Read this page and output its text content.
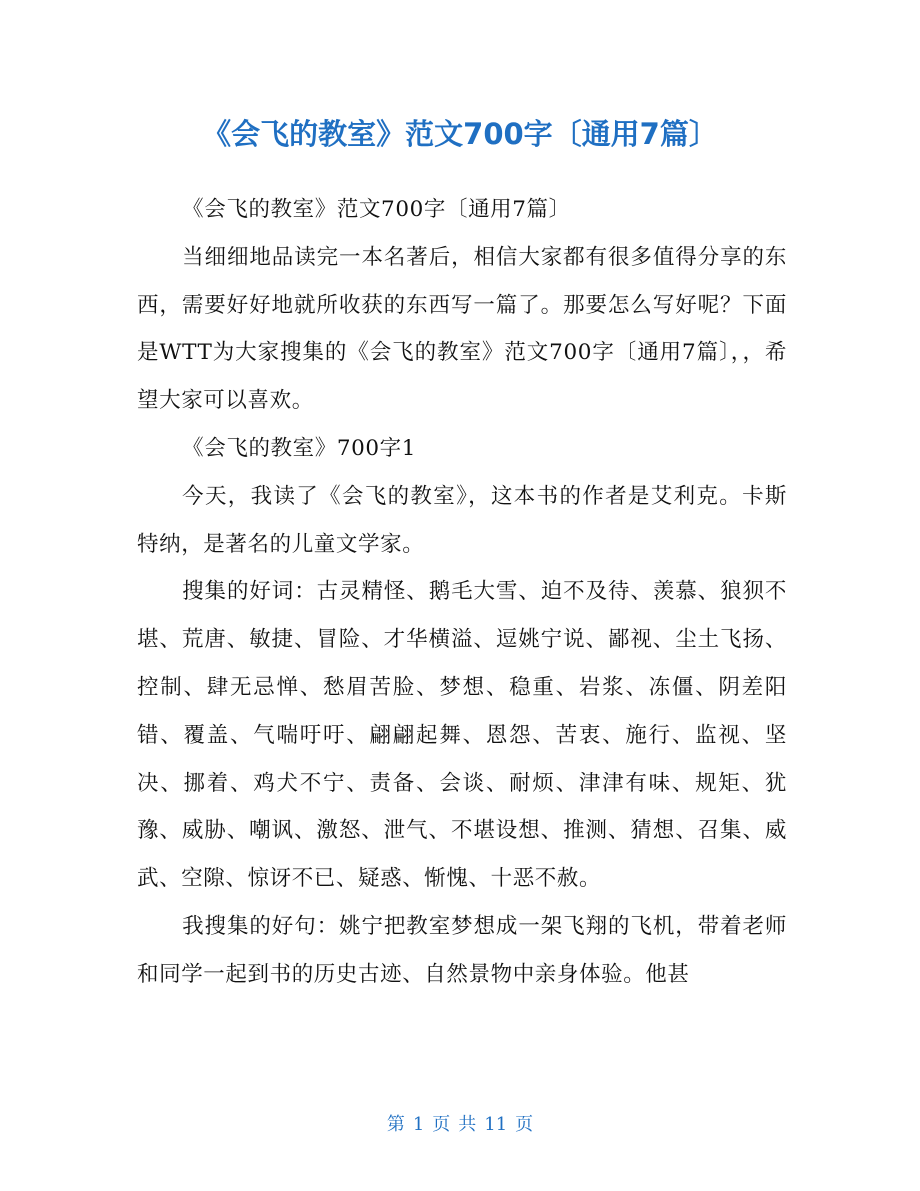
《会飞的教室》范文700字〔通用7篇〕

《会飞的教室》范文700字〔通用7篇〕

当细细地品读完一本名著后，相信大家都有很多值得分享的东西，需要好好地就所收获的东西写一篇了。那要怎么写好呢？下面是WTT为大家搜集的《会飞的教室》范文700字〔通用7篇〕，，希望大家可以喜欢。

《会飞的教室》700字1

今天，我读了《会飞的教室》，这本书的作者是艾利克。卡斯特纳，是著名的儿童文学家。

搜集的好词：古灵精怪、鹅毛大雪、迫不及待、羡慕、狼狈不堪、荒唐、敏捷、冒险、才华横溢、逗姚宁说、鄙视、尘土飞扬、控制、肆无忌惮、愁眉苦脸、梦想、稳重、岩浆、冻僵、阴差阳错、覆盖、气喘吁吁、翩翩起舞、恩怨、苦衷、施行、监视、坚决、挪着、鸡犬不宁、责备、会谈、耐烦、津津有味、规矩、犹豫、威胁、嘲讽、激怒、泄气、不堪设想、推测、猜想、召集、威武、空隙、惊讶不已、疑惑、惭愧、十恶不赦。

我搜集的好句：姚宁把教室梦想成一架飞翔的飞机，带着老师和同学一起到书的历史古迹、自然景物中亲身体验。他甚

第 1 页 共 11 页
